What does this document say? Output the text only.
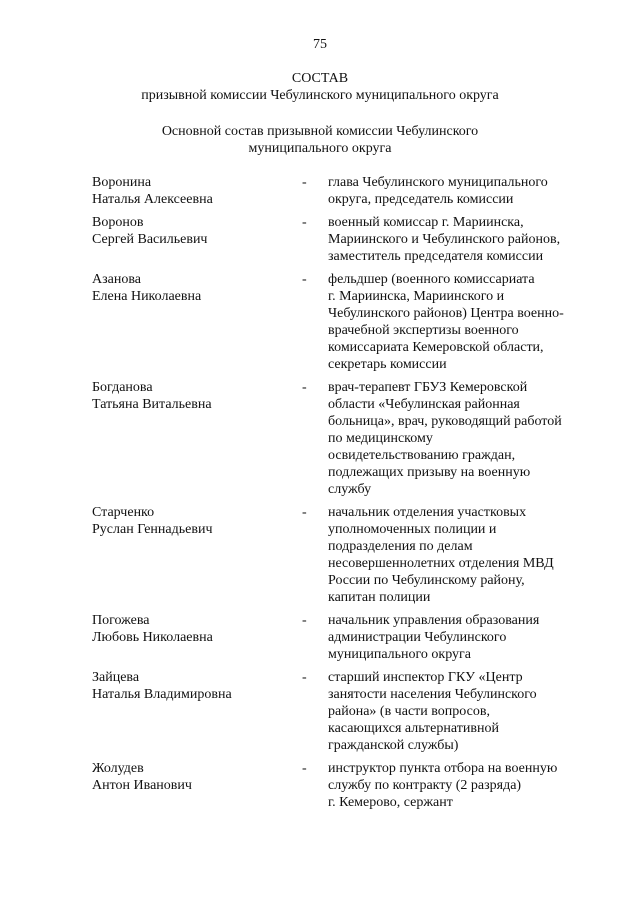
75
СОСТАВ
призывной комиссии Чебулинского муниципального округа
Основной состав призывной комиссии Чебулинского
муниципального округа
Воронина
Наталья Алексеевна
-	глава Чебулинского муниципального
округа, председатель комиссии
Воронов
Сергей Васильевич
-	военный комиссар г. Мариинска,
Мариинского и Чебулинского районов,
заместитель председателя комиссии
Азанова
Елена Николаевна
-	фельдшер (военного комиссариата
г. Мариинска, Мариинского и
Чебулинского районов) Центра военно-
врачебной экспертизы военного
комиссариата Кемеровской области,
секретарь комиссии
Богданова
Татьяна Витальевна
-	врач-терапевт ГБУЗ Кемеровской
области «Чебулинская районная
больница», врач, руководящий работой
по медицинскому
освидетельствованию граждан,
подлежащих призыву на военную
службу
Старченко
Руслан Геннадьевич
-	начальник отделения участковых
уполномоченных полиции и
подразделения по делам
несовершеннолетних отделения МВД
России по Чебулинскому району,
капитан полиции
Погожева
Любовь Николаевна
-	начальник управления образования
администрации Чебулинского
муниципального округа
Зайцева
Наталья Владимировна
-	старший инспектор ГКУ «Центр
занятости населения Чебулинского
района» (в части вопросов,
касающихся альтернативной
гражданской службы)
Жолудев
Антон Иванович
-	инструктор пункта отбора на военную
службу по контракту (2 разряда)
г. Кемерово, сержант
